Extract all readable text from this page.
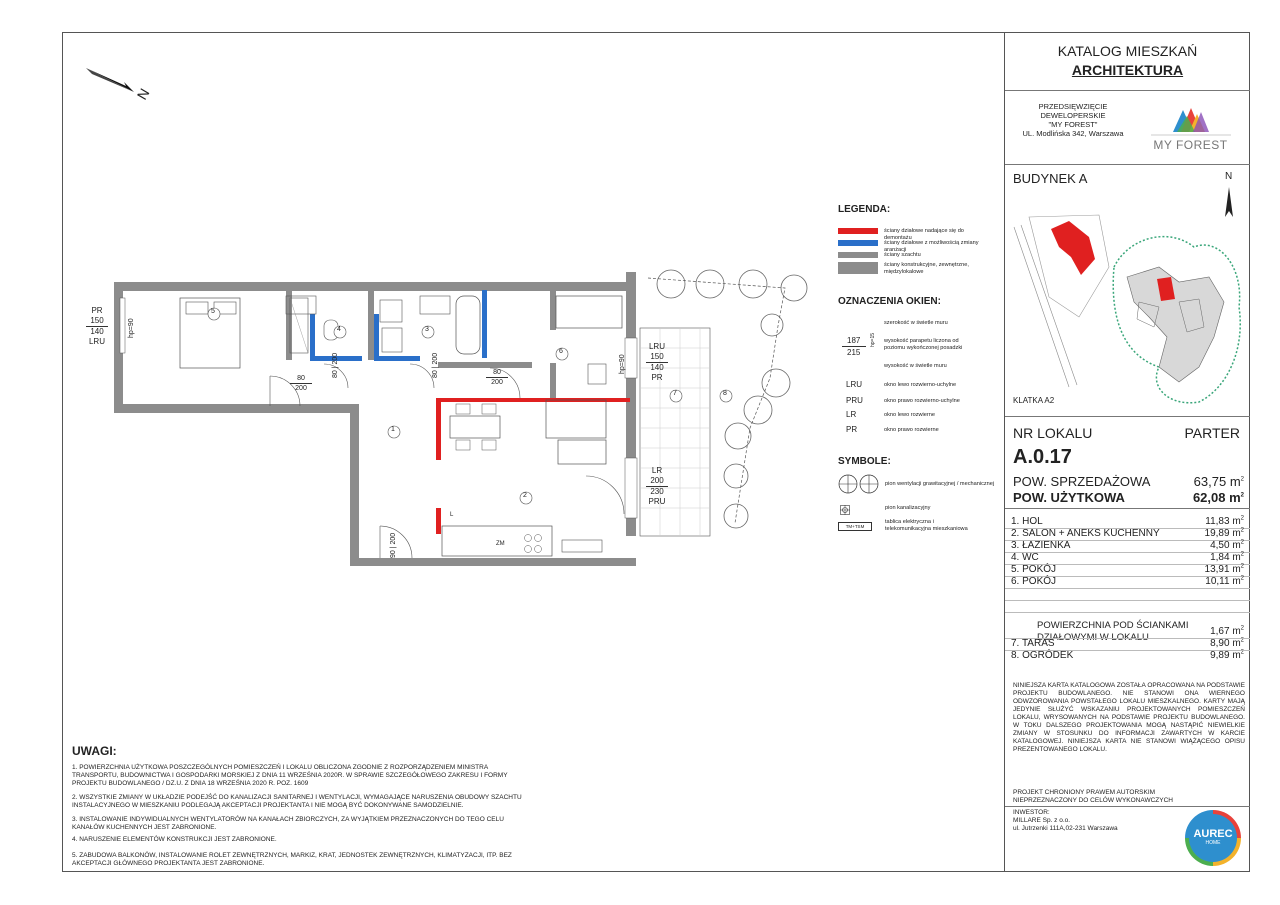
KATALOG MIESZKAŃ
ARCHITEKTURA
PRZEDSIĘWZIĘCIE
DEWELOPERSKIE
"MY FOREST"
UL. Modlińska 342, Warszawa
MY FOREST
BUDYNEK A	N
KLATKA A2
NR LOKALU	PARTER
A.0.17
POW. SPRZEDAŻOWA	63,75 $m^2$
POW. UŻYTKOWA	62,08 $m^2$
POWIERZCHNIA POD ŚCIANKAMI
DZIAŁOWYMI W LOKALU
1,67 $m^2$
NINIEJSZA KARTA KATALOGOWA ZOSTAŁA OPRACOWANA NA PODSTAWIE PROJEKTU BUDOWLANEGO. NIE STANOWI ONA WIERNEGO ODWZOROWANIA POWSTAŁEGO LOKALU MIESZKALNEGO. KARTY MAJĄ JEDYNIE SŁUŻYĆ WSKAZANIU PROJEKTOWANYCH POMIESZCZEŃ LOKALU, WRYSOWANYCH NA PODSTAWIE PROJEKTU BUDOWLANEGO. W TOKU DALSZEGO PROJEKTOWANIA MOGĄ NASTĄPIĆ NIEWIELKIE ZMIANY W STOSUNKU DO INFORMACJI ZAWARTYCH W KARCIE KATALOGOWEJ. NINIEJSZA KARTA NIE STANOWI WIĄŻĄCEGO OPISU PREZENTOWANEGO LOKALU.
PROJEKT CHRONIONY PRAWEM AUTORSKIM
NIEPRZEZNACZONY DO CELÓW WYKONAWCZYCH
INWESTOR:
MILLARE Sp. z o.o.
ul. Jutrzenki 111A,02-231 Warszawa	AUREC
HOME
1. HOL	11,83 $m^2$
2. SALON + ANEKS KUCHENNY	19,89 $m^2$
3. ŁAZIENKA	4,50 $m^2$
4. WC	1,84 $m^2$
5. POKÓJ	13,91 $m^2$
6. POKÓJ	10,11 $m^2$
7. TARAS	8,90 $m^2$
8. OGRÓDEK	9,89 $m^2$
LEGENDA:
ściany działowe nadające się do demontażu
ściany działowe z możliwością zmiany aranżacji
ściany szachtu
ściany konstrukcyjne, zewnętrzne, międzylokalowe
OZNACZENIA OKIEN:
187
215
hp=15
szerokość w świetle muru
wysokość parapetu liczona od poziomu wykończonej posadzki
wysokość w świetle muru
LRU	okno lewo rozwierno-uchylne
PRU	okno prawo rozwierno-uchylne
LR	okno lewo rozwierne
PR	okno prawo rozwierne
SYMBOLE:
pion wentylacji grawitacyjnej / mechanicznej
pion kanalizacyjny
TM+TSM
tablica elektryczna i telekomunikacyjna mieszkaniowa
N
5
4	3
6
1
2
7	8
PR
150
140
LRU
hp=90
LRU
150
140
PR
hp=90
LR
200
230
PRU
80
200
80 | 200
80 | 200
80
200
90 | 200	ZM
L
UWAGI:
1. POWIERZCHNIA UŻYTKOWA POSZCZEGÓLNYCH POMIESZCZEŃ I LOKALU OBLICZONA ZGODNIE Z ROZPORZĄDZENIEM MINISTRA TRANSPORTU, BUDOWNICTWA I GOSPODARKI MORSKIEJ Z DNIA 11 WRZEŚNIA 2020R. W SPRAWIE SZCZEGÓŁOWEGO ZAKRESU I FORMY PROJEKTU BUDOWLANEGO / DZ.U. Z DNIA 18 WRZEŚNIA 2020 R. POZ. 1609
2. WSZYSTKIE ZMIANY W UKŁADZIE PODEJŚĆ DO KANALIZACJI SANITARNEJ I WENTYLACJI, WYMAGAJĄCE NARUSZENIA OBUDOWY SZACHTU INSTALACYJNEGO W MIESZKANIU PODLEGAJĄ AKCEPTACJI PROJEKTANTA I NIE MOGĄ BYĆ DOKONYWANE SAMODZIELNIE.
3. INSTALOWANIE INDYWIDUALNYCH WENTYLATORÓW NA KANAŁACH ZBIORCZYCH, ZA WYJĄTKIEM PRZEZNACZONYCH DO TEGO CELU KANAŁÓW KUCHENNYCH JEST ZABRONIONE.
4. NARUSZENIE ELEMENTÓW KONSTRUKCJI JEST ZABRONIONE.
5. ZABUDOWA BALKONÓW, INSTALOWANIE ROLET ZEWNĘTRZNYCH, MARKIZ, KRAT, JEDNOSTEK ZEWNĘTRZNYCH, KLIMATYZACJI, ITP. BEZ AKCEPTACJI GŁÓWNEGO PROJEKTANTA JEST ZABRONIONE.
